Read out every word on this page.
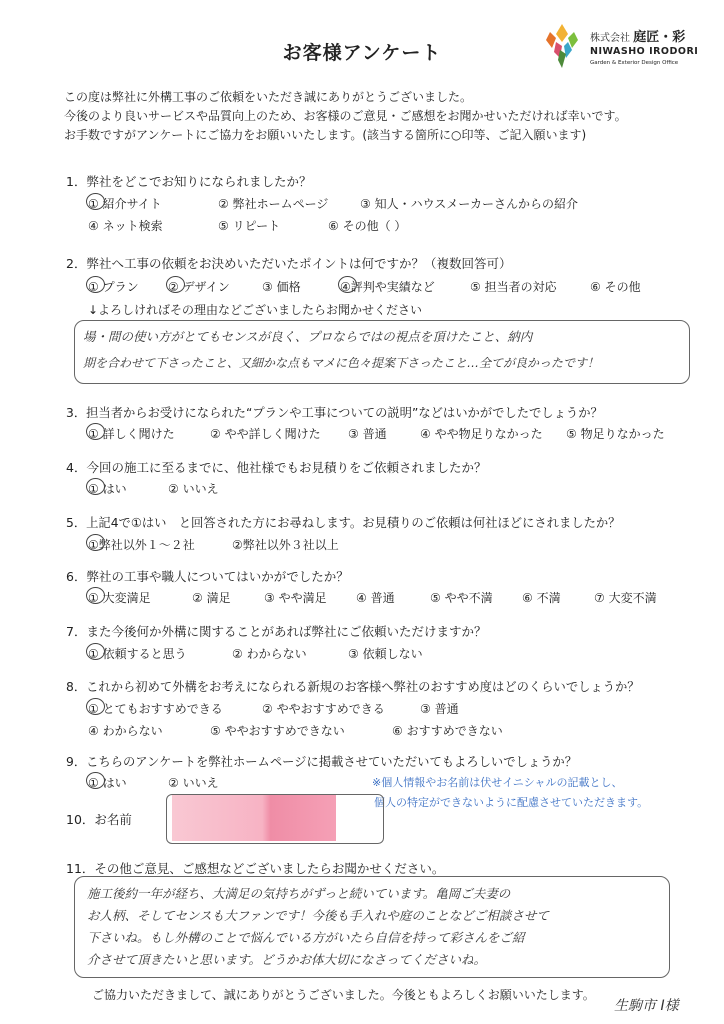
お客様アンケート
株式会社 庭匠・彩
NIWASHO IRODORI
Garden & Exterior Design Office
この度は弊社に外構工事のご依頼をいただき誠にありがとうございました。
今後のより良いサービスや品質向上のため、お客様のご意見・ご感想をお聞かせいただければ幸いです。
お手数ですがアンケートにご協力をお願いいたします。(該当する箇所に○印等、ご記入願います)
1．弊社をどこでお知りになられましたか？
① 紹介サイト	② 弊社ホームページ	③ 知人・ハウスメーカーさんからの紹介
④ ネット検索	⑤ リピート	⑥ その他（ ）
2．弊社へ工事の依頼をお決めいただいたポイントは何ですか？（複数回答可）
① プラン ② デザイン	③ 価格	④評判や実績など	⑤ 担当者の対応	⑥ その他
↓よろしければその理由などございましたらお聞かせください
場・間の使い方がとてもセンスが良く、プロならではの視点を頂けたこと、納内
期を合わせて下さったこと、又細かな点もマメに色々提案下さったこと…全てが良かったです！
3．担当者からお受けになられた“プランや工事についての説明”などはいかがでしたでしょうか？
① 詳しく聞けた	② やや詳しく聞けた ③ 普通	④ やや物足りなかった ⑤ 物足りなかった
4．今回の施工に至るまでに、他社様でもお見積りをご依頼されましたか？
① はい	② いいえ
5．上記4で①はい　と回答された方にお尋ねします。お見積りのご依頼は何社ほどにされましたか？
①弊社以外１～２社	②弊社以外３社以上
6．弊社の工事や職人についてはいかがでしたか？
① 大変満足	② 満足	③ やや満足 ④ 普通	⑤ やや不満 ⑥ 不満	⑦ 大変不満
7．また今後何か外構に関することがあれば弊社にご依頼いただけますか？
① 依頼すると思う	② わからない	③ 依頼しない
8．これから初めて外構をお考えになられる新規のお客様へ弊社のおすすめ度はどのくらいでしょうか？
① とてもおすすめできる	② ややおすすめできる	③ 普通
④ わからない	⑤ ややおすすめできない	⑥ おすすめできない
9．こちらのアンケートを弊社ホームページに掲載させていただいてもよろしいでしょうか？
① はい	② いいえ	※個人情報やお名前は伏せイニシャルの記載とし、
個人の特定ができないように配慮させていただきます。
10．お名前
11．その他ご意見、ご感想などございましたらお聞かせください。
施工後約一年が経ち、大満足の気持ちがずっと続いています。亀岡ご夫妻の
お人柄、そしてセンスも大ファンです！今後も手入れや庭のことなどご相談させて
下さいね。もし外構のことで悩んでいる方がいたら自信を持って彩さんをご紹
介させて頂きたいと思います。どうかお体大切になさってくださいね。
ご協力いただきまして、誠にありがとうございました。今後ともよろしくお願いいたします。
生駒市 I様
